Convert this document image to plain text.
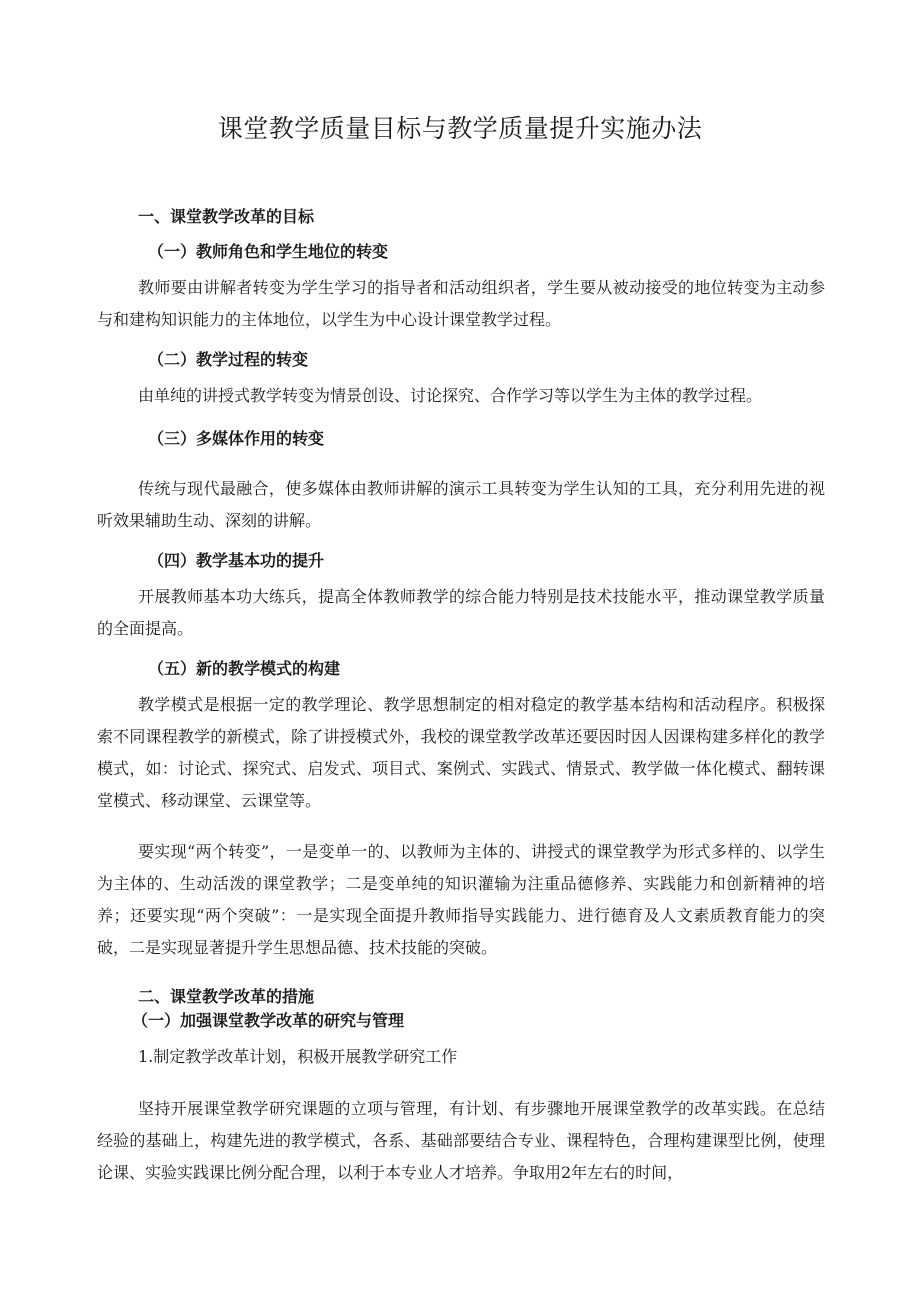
课堂教学质量目标与教学质量提升实施办法
一、课堂教学改革的目标
（一）教师角色和学生地位的转变

教师要由讲解者转变为学生学习的指导者和活动组织者，学生要从被动接受的地位转变为主动参与和建构知识能力的主体地位，以学生为中心设计课堂教学过程。

（二）教学过程的转变

由单纯的讲授式教学转变为情景创设、讨论探究、合作学习等以学生为主体的教学过程。

（三）多媒体作用的转变

传统与现代最融合，使多媒体由教师讲解的演示工具转变为学生认知的工具，充分利用先进的视听效果辅助生动、深刻的讲解。

（四）教学基本功的提升

开展教师基本功大练兵，提高全体教师教学的综合能力特别是技术技能水平，推动课堂教学质量的全面提高。

（五）新的教学模式的构建

教学模式是根据一定的教学理论、教学思想制定的相对稳定的教学基本结构和活动程序。积极探索不同课程教学的新模式，除了讲授模式外，我校的课堂教学改革还要因时因人因课构建多样化的教学模式，如：讨论式、探究式、启发式、项目式、案例式、实践式、情景式、教学做一体化模式、翻转课堂模式、移动课堂、云课堂等。

要实现“两个转变”，一是变单一的、以教师为主体的、讲授式的课堂教学为形式多样的、以学生为主体的、生动活泼的课堂教学；二是变单纯的知识灌输为注重品德修养、实践能力和创新精神的培养；还要实现“两个突破”：一是实现全面提升教师指导实践能力、进行德育及人文素质教育能力的突破，二是实现显著提升学生思想品德、技术技能的突破。

二、课堂教学改革的措施
（一）加强课堂教学改革的研究与管理
1.制定教学改革计划，积极开展教学研究工作

坚持开展课堂教学研究课题的立项与管理，有计划、有步骤地开展课堂教学的改革实践。在总结经验的基础上，构建先进的教学模式，各系、基础部要结合专业、课程特色，合理构建课型比例，使理论课、实验实践课比例分配合理，以利于本专业人才培养。争取用2年左右的时间，
